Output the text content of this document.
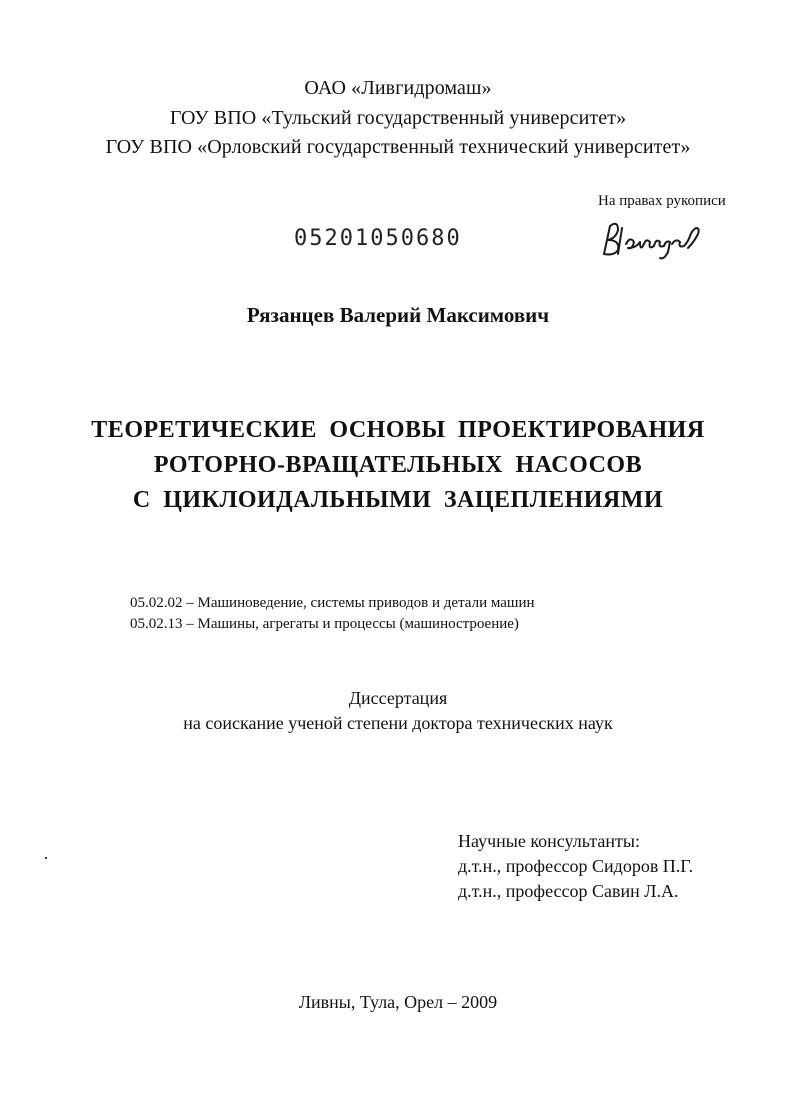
ОАО «Ливгидромаш»
ГОУ ВПО «Тульский государственный университет»
ГОУ ВПО «Орловский государственный технический университет»
На правах рукописи
05201050680
Рязанцев Валерий Максимович
ТЕОРЕТИЧЕСКИЕ ОСНОВЫ ПРОЕКТИРОВАНИЯ
РОТОРНО-ВРАЩАТЕЛЬНЫХ НАСОСОВ
С ЦИКЛОИДАЛЬНЫМИ ЗАЦЕПЛЕНИЯМИ
05.02.02 – Машиноведение, системы приводов и детали машин
05.02.13 – Машины, агрегаты и процессы (машиностроение)
Диссертация
на соискание ученой степени доктора технических наук
Научные консультанты:
д.т.н., профессор Сидоров П.Г.
д.т.н., профессор Савин Л.А.
Ливны, Тула, Орел – 2009
